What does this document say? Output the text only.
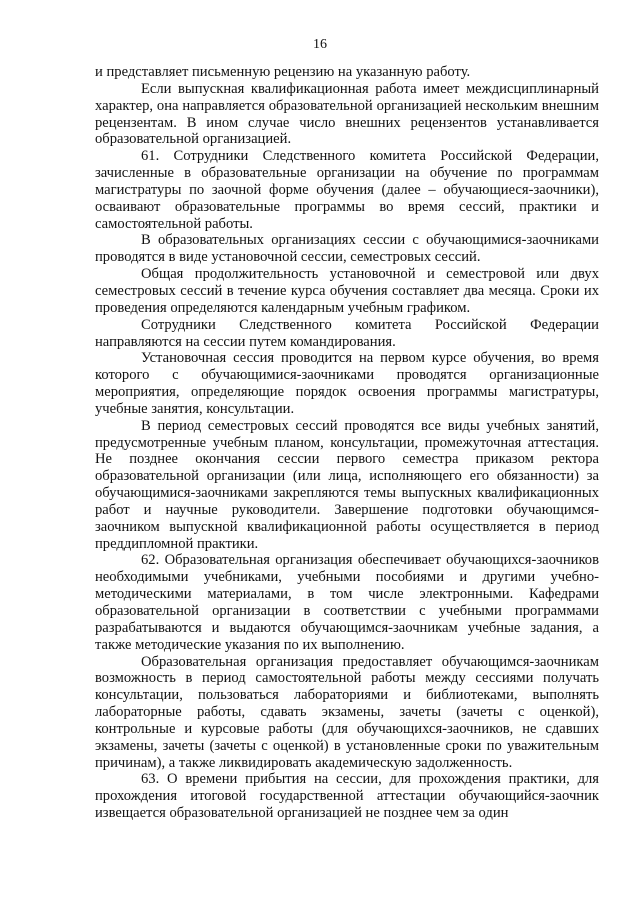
16

и представляет письменную рецензию на указанную работу.

Если выпускная квалификационная работа имеет междисциплинарный характер, она направляется образовательной организацией нескольким внешним рецензентам. В ином случае число внешних рецензентов устанавливается образовательной организацией.

61. Сотрудники Следственного комитета Российской Федерации, зачисленные в образовательные организации на обучение по программам магистратуры по заочной форме обучения (далее – обучающиеся-заочники), осваивают образовательные программы во время сессий, практики и самостоятельной работы.

В образовательных организациях сессии с обучающимися-заочниками проводятся в виде установочной сессии, семестровых сессий.

Общая продолжительность установочной и семестровой или двух семестровых сессий в течение курса обучения составляет два месяца. Сроки их проведения определяются календарным учебным графиком.

Сотрудники Следственного комитета Российской Федерации направляются на сессии путем командирования.

Установочная сессия проводится на первом курсе обучения, во время которого с обучающимися-заочниками проводятся организационные мероприятия, определяющие порядок освоения программы магистратуры, учебные занятия, консультации.

В период семестровых сессий проводятся все виды учебных занятий, предусмотренные учебным планом, консультации, промежуточная аттестация. Не позднее окончания сессии первого семестра приказом ректора образовательной организации (или лица, исполняющего его обязанности) за обучающимися-заочниками закрепляются темы выпускных квалификационных работ и научные руководители. Завершение подготовки обучающимся-заочником выпускной квалификационной работы осуществляется в период преддипломной практики.

62. Образовательная организация обеспечивает обучающихся-заочников необходимыми учебниками, учебными пособиями и другими учебно-методическими материалами, в том числе электронными. Кафедрами образовательной организации в соответствии с учебными программами разрабатываются и выдаются обучающимся-заочникам учебные задания, а также методические указания по их выполнению.

Образовательная организация предоставляет обучающимся-заочникам возможность в период самостоятельной работы между сессиями получать консультации, пользоваться лабораториями и библиотеками, выполнять лабораторные работы, сдавать экзамены, зачеты (зачеты с оценкой), контрольные и курсовые работы (для обучающихся-заочников, не сдавших экзамены, зачеты (зачеты с оценкой) в установленные сроки по уважительным причинам), а также ликвидировать академическую задолженность.

63. О времени прибытия на сессии, для прохождения практики, для прохождения итоговой государственной аттестации обучающийся-заочник извещается образовательной организацией не позднее чем за один
